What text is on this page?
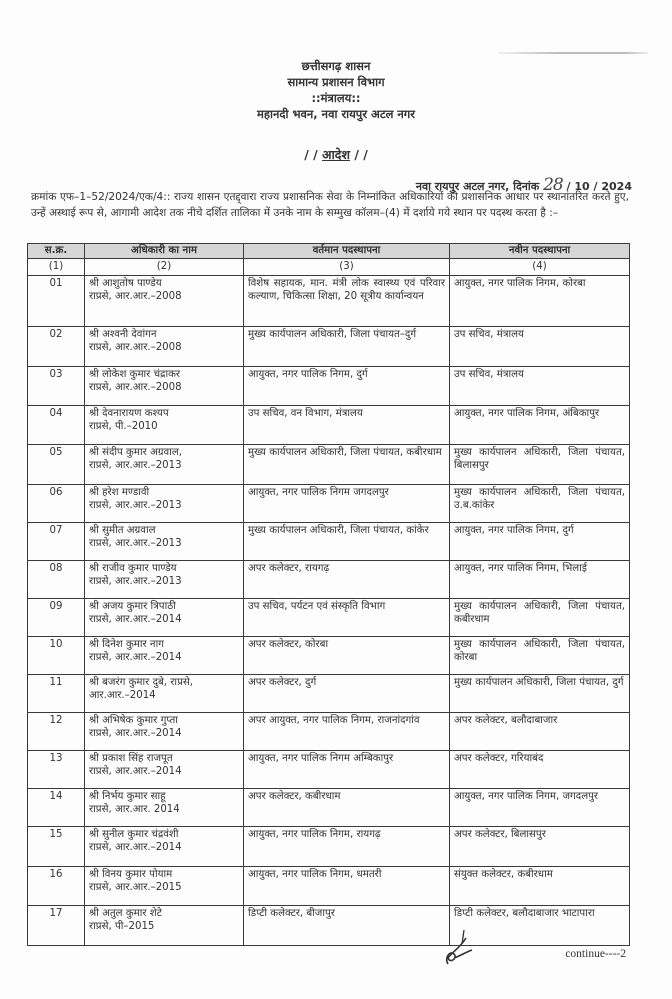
छत्तीसगढ़ शासन
सामान्य प्रशासन विभाग
::मंत्रालय::
महानदी भवन, नवा रायपुर अटल नगर
/ / आदेश / /
नवा रायपुर अटल नगर, दिनांक 28 / 10 / 2024
क्रमांक एफ–1–52/2024/एक/4:: राज्य शासन एतद्द्वारा राज्य प्रशासनिक सेवा के निम्नांकित अधिकारियों को प्रशासनिक आधार पर स्थानांतरित करते हुए, उन्हें अस्थाई रूप से, आगामी आदेश तक नीचे दर्शित तालिका में उनके नाम के सम्मुख कॉलम–(4) में दर्शाये गये स्थान पर पदस्थ करता है :–
स.क्र.	अधिकारी का नाम	वर्तमान पदस्थापना	नवीन पदस्थापना
(1)	(2)	(3)	(4)
01	श्री आशुतोष पाण्डेय
राप्रसे, आर.आर.–2008	विशेष सहायक, मान. मंत्री लोक स्वास्थ्य एवं परिवार कल्याण, चिकित्सा शिक्षा, 20 सूत्रीय कार्यान्वयन	आयुक्त, नगर पालिक निगम, कोरबा
02	श्री अश्वनी देवांगन
राप्रसे, आर.आर.–2008	मुख्य कार्यपालन अधिकारी, जिला पंचायत–दुर्ग	उप सचिव, मंत्रालय
03	श्री लोकेश कुमार चंद्राकर
राप्रसे, आर.आर.–2008	आयुक्त, नगर पालिक निगम, दुर्ग	उप सचिव, मंत्रालय
04	श्री देवनारायण कश्यप
राप्रसे, पी.–2010	उप सचिव, वन विभाग, मंत्रालय	आयुक्त, नगर पालिक निगम, अंबिकापुर
05	श्री संदीप कुमार अग्रवाल,
राप्रसे, आर.आर.–2013	मुख्य कार्यपालन अधिकारी, जिला पंचायत, कबीरधाम	मुख्य कार्यपालन अधिकारी, जिला पंचायत, बिलासपुर
06	श्री हरेश मण्डावी
राप्रसे, आर.आर.–2013	आयुक्त, नगर पालिक निगम जगदलपुर	मुख्य कार्यपालन अधिकारी, जिला पंचायत, उ.ब.कांकेर
07	श्री सुमीत अग्रवाल
राप्रसे, आर.आर.–2013	मुख्य कार्यपालन अधिकारी, जिला पंचायत, कांकेर	आयुक्त, नगर पालिक निगम, दुर्ग
08	श्री राजीव कुमार पाण्डेय
राप्रसे, आर.आर.–2013	अपर कलेक्टर, रायगढ़	आयुक्त, नगर पालिक निगम, भिलाई
09	श्री अजय कुमार त्रिपाठी
राप्रसे, आर.आर.–2014	उप सचिव, पर्यटन एवं संस्कृति विभाग	मुख्य कार्यपालन अधिकारी, जिला पंचायत, कबीरधाम
10	श्री दिनेश कुमार नाग
राप्रसे, आर.आर.–2014	अपर कलेक्टर, कोरबा	मुख्य कार्यपालन अधिकारी, जिला पंचायत, कोरबा
11	श्री बजरंग कुमार दुबे, राप्रसे,
आर.आर.–2014	अपर कलेक्टर, दुर्ग	मुख्य कार्यपालन अधिकारी, जिला पंचायत, दुर्ग
12	श्री अभिषेक कुमार गुप्ता
राप्रसे, आर.आर.–2014	अपर आयुक्त, नगर पालिक निगम, राजनांदगांव	अपर कलेक्टर, बलौदाबाजार
13	श्री प्रकाश सिंह राजपूत
राप्रसे, आर.आर.–2014	आयुक्त, नगर पालिक निगम अम्बिकापुर	अपर कलेक्टर, गरियाबंद
14	श्री निर्भय कुमार साहू
राप्रसे, आर.आर. 2014	अपर कलेक्टर, कबीरधाम	आयुक्त, नगर पालिक निगम, जगदलपुर
15	श्री सुनील कुमार चंद्रवंशी
राप्रसे, आर.आर.–2014	आयुक्त, नगर पालिक निगम, रायगढ़	अपर कलेक्टर, बिलासपुर
16	श्री विनय कुमार पोयाम
राप्रसे, आर.आर.–2015	आयुक्त, नगर पालिक निगम, धमतरी	संयुक्त कलेक्टर, कबीरधाम
17	श्री अतुल कुमार शेटे
राप्रसे, पी–2015	डिप्टी कलेक्टर, बीजापुर	डिप्टी कलेक्टर, बलौदाबाजार भाटापारा
continue----2
